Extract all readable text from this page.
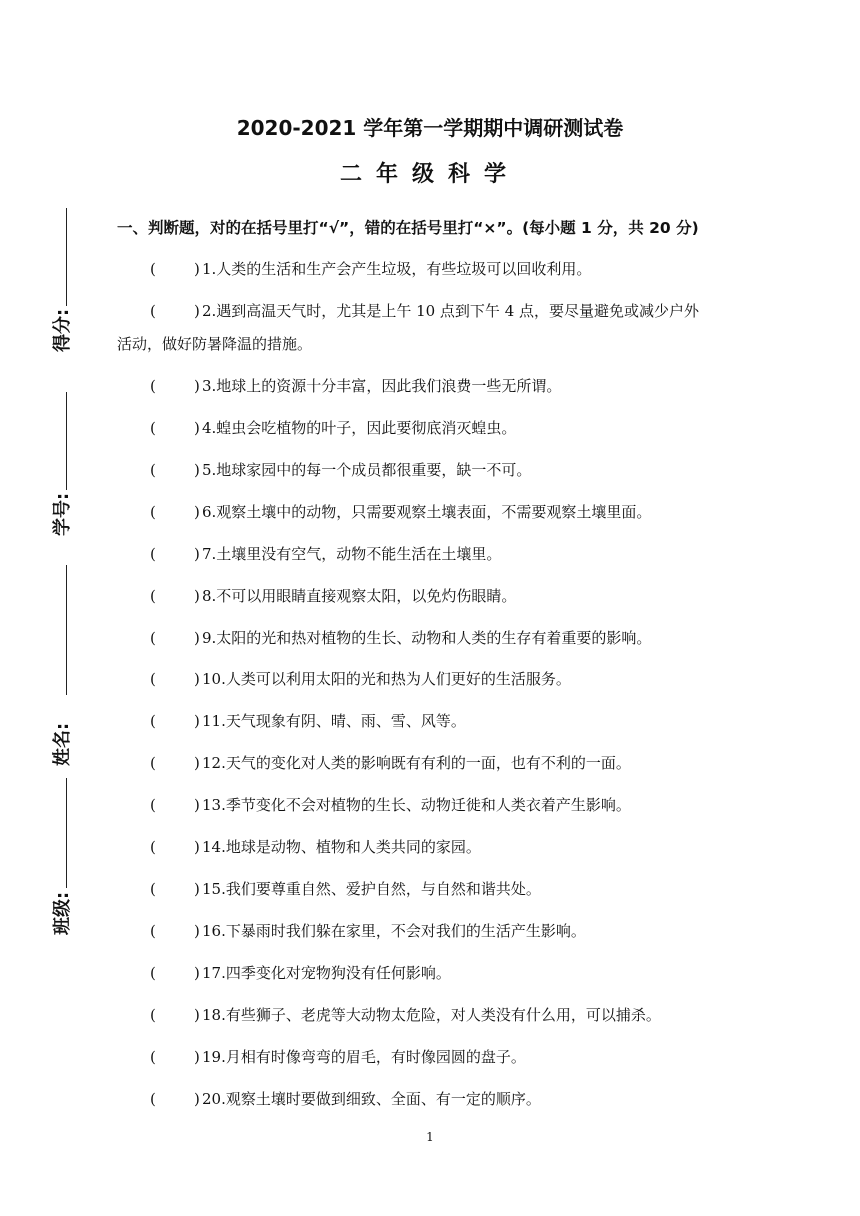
2020-2021 学年第一学期期中调研测试卷
二年级科学
得分:
学号:
姓名:
班级:
一、判断题，对的在括号里打“√”，错的在括号里打“×”。(每小题 1 分，共 20 分)
(	) 1.人类的生活和生产会产生垃圾，有些垃圾可以回收利用。
(	) 2.遇到高温天气时，尤其是上午 10 点到下午 4 点，要尽量避免或减少户外
活动，做好防暑降温的措施。
(	) 3.地球上的资源十分丰富，因此我们浪费一些无所谓。
(	) 4.蝗虫会吃植物的叶子，因此要彻底消灭蝗虫。
(	) 5.地球家园中的每一个成员都很重要，缺一不可。
(	) 6.观察土壤中的动物，只需要观察土壤表面，不需要观察土壤里面。
(	) 7.土壤里没有空气，动物不能生活在土壤里。
(	) 8.不可以用眼睛直接观察太阳，以免灼伤眼睛。
(	) 9.太阳的光和热对植物的生长、动物和人类的生存有着重要的影响。
(	) 10.人类可以利用太阳的光和热为人们更好的生活服务。
(	) 11.天气现象有阴、晴、雨、雪、风等。
(	) 12.天气的变化对人类的影响既有有利的一面，也有不利的一面。
(	) 13.季节变化不会对植物的生长、动物迁徙和人类衣着产生影响。
(	) 14.地球是动物、植物和人类共同的家园。
(	) 15.我们要尊重自然、爱护自然，与自然和谐共处。
(	) 16.下暴雨时我们躲在家里，不会对我们的生活产生影响。
(	) 17.四季变化对宠物狗没有任何影响。
(	) 18.有些狮子、老虎等大动物太危险，对人类没有什么用，可以捕杀。
(	) 19.月相有时像弯弯的眉毛，有时像园圆的盘子。
(	) 20.观察土壤时要做到细致、全面、有一定的顺序。
1
